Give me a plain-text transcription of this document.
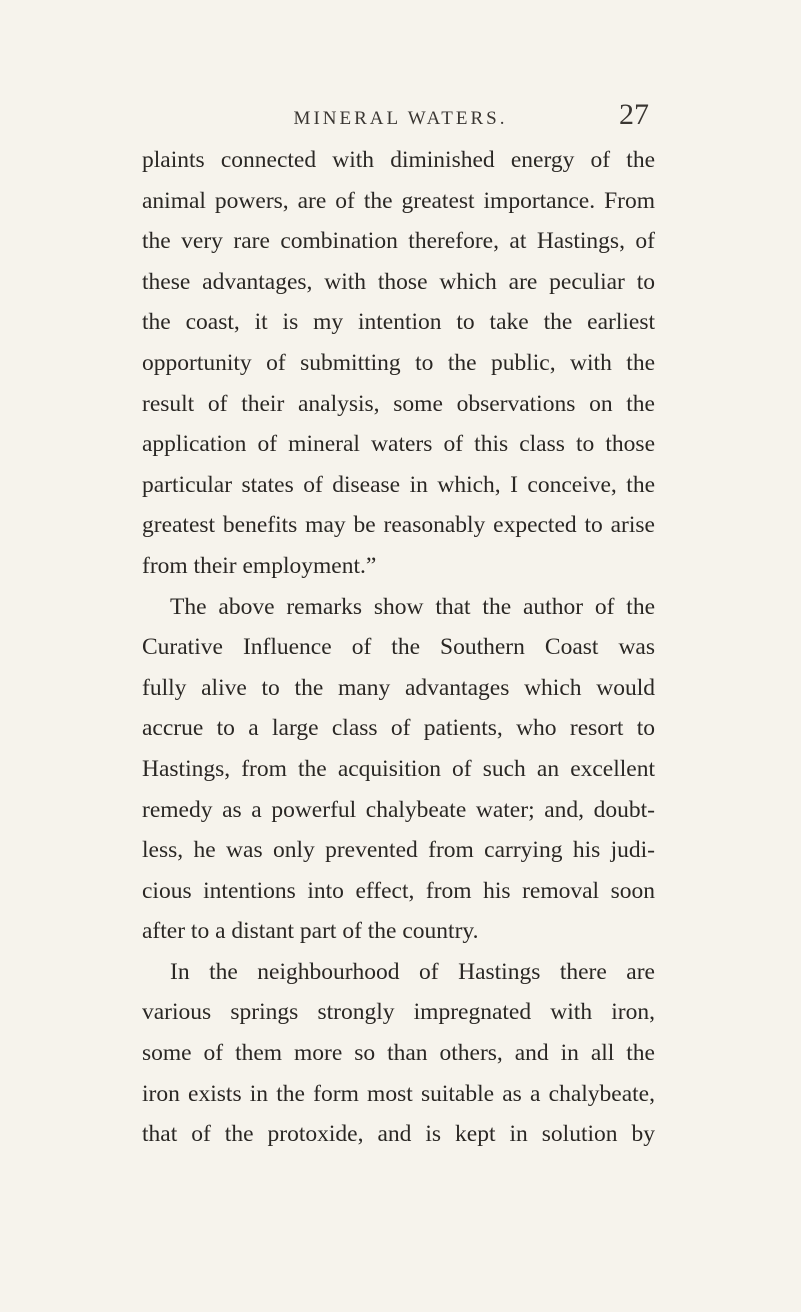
MINERAL WATERS.	27
plaints connected with diminished energy of the
animal powers, are of the greatest importance. From
the very rare combination therefore, at Hastings, of
these advantages, with those which are peculiar to
the coast, it is my intention to take the earliest
opportunity of submitting to the public, with the
result of their analysis, some observations on the
application of mineral waters of this class to those
particular states of disease in which, I conceive, the
greatest benefits may be reasonably expected to arise
from their employment.”
The above remarks show that the author of the
Curative Influence of the Southern Coast was
fully alive to the many advantages which would
accrue to a large class of patients, who resort to
Hastings, from the acquisition of such an excellent
remedy as a powerful chalybeate water; and, doubt-
less, he was only prevented from carrying his judi-
cious intentions into effect, from his removal soon
after to a distant part of the country.
In the neighbourhood of Hastings there are
various springs strongly impregnated with iron,
some of them more so than others, and in all the
iron exists in the form most suitable as a chalybeate,
that of the protoxide, and is kept in solution by
